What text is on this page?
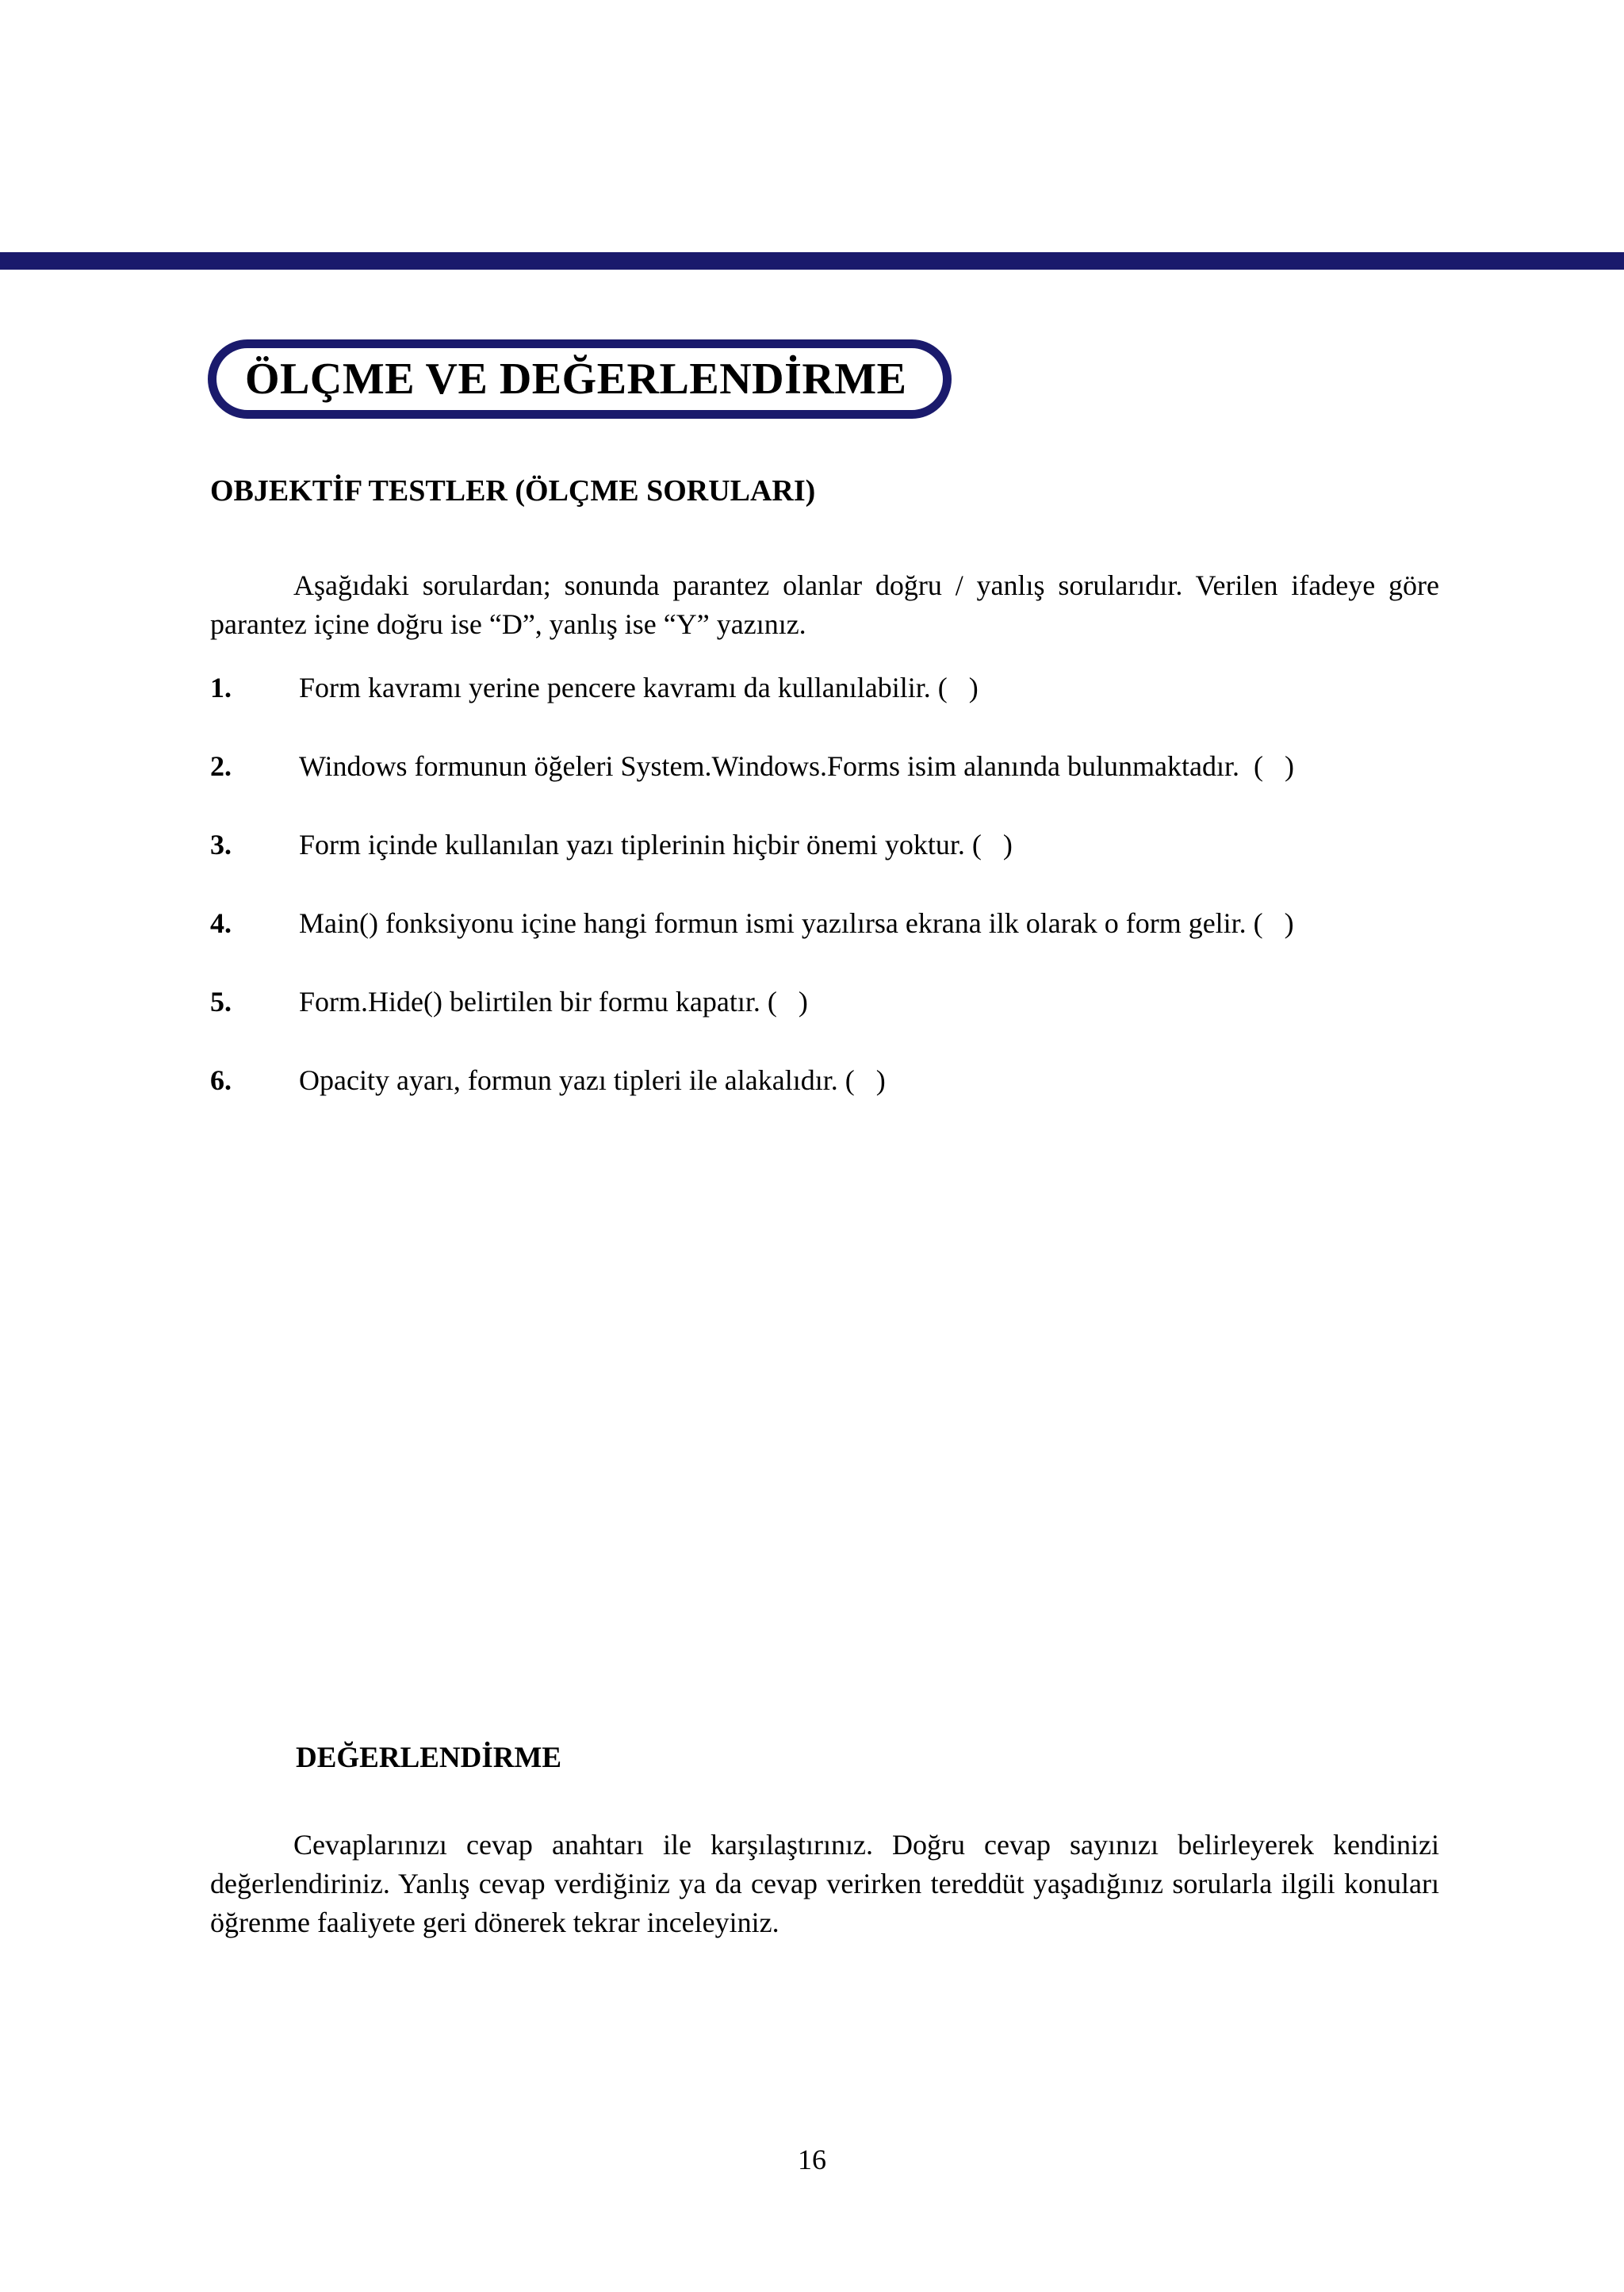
ÖLÇME VE DEĞERLENDİRME
OBJEKTİF TESTLER (ÖLÇME SORULARI)

Aşağıdaki sorulardan; sonunda parantez olanlar doğru / yanlış sorularıdır. Verilen ifadeye göre parantez içine doğru ise “D”, yanlış ise “Y” yazınız.

1. Form kavramı yerine pencere kavramı da kullanılabilir. (   )
2. Windows formunun öğeleri System.Windows.Forms isim alanında bulunmaktadır.  (   )
3. Form içinde kullanılan yazı tiplerinin hiçbir önemi yoktur. (   )
4. Main() fonksiyonu içine hangi formun ismi yazılırsa ekrana ilk olarak o form gelir. (   )
5. Form.Hide() belirtilen bir formu kapatır. (   )
6. Opacity ayarı, formun yazı tipleri ile alakalıdır. (   )
DEĞERLENDİRME

Cevaplarınızı cevap anahtarı ile karşılaştırınız. Doğru cevap sayınızı belirleyerek kendinizi değerlendiriniz. Yanlış cevap verdiğiniz ya da cevap verirken tereddüt yaşadığınız sorularla ilgili konuları öğrenme faaliyete geri dönerek tekrar inceleyiniz.

16
